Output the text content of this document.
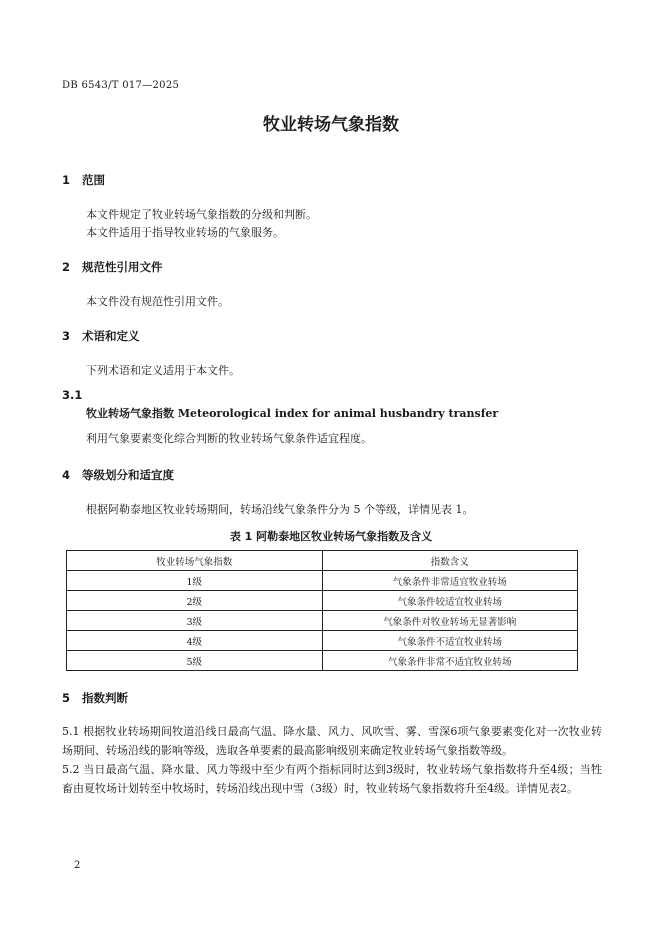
DB 6543/T 017—2025
牧业转场气象指数
1 范围
本文件规定了牧业转场气象指数的分级和判断。
本文件适用于指导牧业转场的气象服务。
2 规范性引用文件
本文件没有规范性引用文件。
3 术语和定义
下列术语和定义适用于本文件。
3.1
牧业转场气象指数 Meteorological index for animal husbandry transfer
利用气象要素变化综合判断的牧业转场气象条件适宜程度。
4 等级划分和适宜度
根据阿勒泰地区牧业转场期间，转场沿线气象条件分为 5 个等级，详情见表 1。
表 1 阿勒泰地区牧业转场气象指数及含义
牧业转场气象指数	指数含义
1级	气象条件非常适宜牧业转场
2级	气象条件较适宜牧业转场
3级	气象条件对牧业转场无显著影响
4级	气象条件不适宜牧业转场
5级	气象条件非常不适宜牧业转场
5 指数判断
5.1 根据牧业转场期间牧道沿线日最高气温、降水量、风力、风吹雪、雾、雪深6项气象要素变化对一次牧业转场期间、转场沿线的影响等级，选取各单要素的最高影响级别来确定牧业转场气象指数等级。
5.2 当日最高气温、降水量、风力等级中至少有两个指标同时达到3级时，牧业转场气象指数将升至4级；当牲畜由夏牧场计划转至中牧场时，转场沿线出现中雪（3级）时，牧业转场气象指数将升至4级。详情见表2。
2
